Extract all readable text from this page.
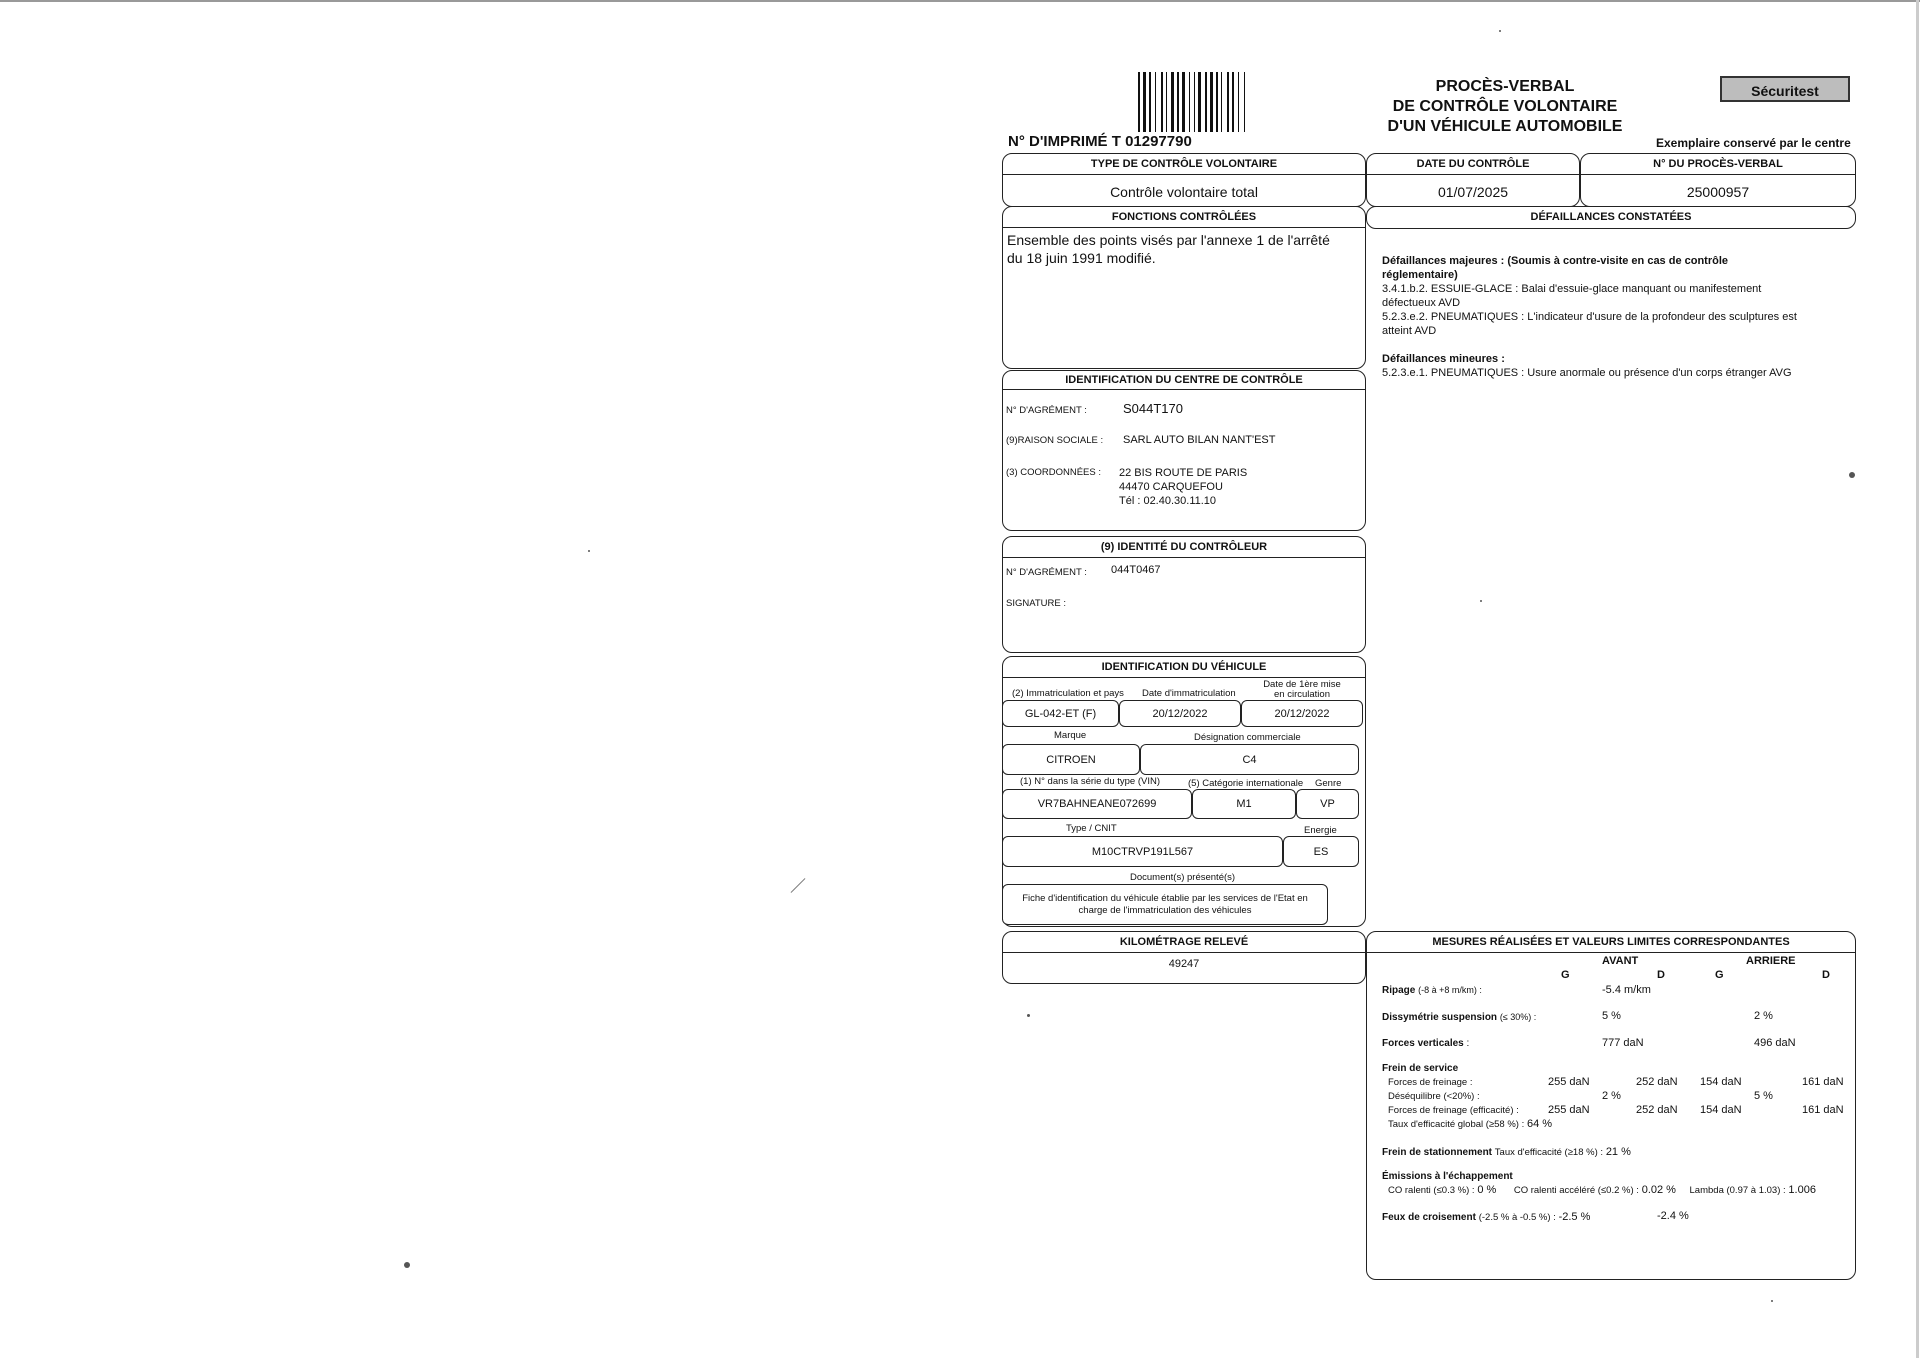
N° D'IMPRIMÉ T 01297790
PROCÈS-VERBAL
DE CONTRÔLE VOLONTAIRE
D'UN VÉHICULE AUTOMOBILE
Sécuritest
Exemplaire conservé par le centre
TYPE DE CONTRÔLE VOLONTAIRE
Contrôle volontaire total
DATE DU CONTRÔLE
01/07/2025
N° DU PROCÈS-VERBAL
25000957
FONCTIONS CONTRÔLÉES
Ensemble des points visés par l'annexe 1 de l'arrêté
du 18 juin 1991 modifié.
DÉFAILLANCES CONSTATÉES
Défaillances majeures : (Soumis à contre-visite en cas de contrôle
réglementaire)
3.4.1.b.2. ESSUIE-GLACE : Balai d'essuie-glace manquant ou manifestement
défectueux AVD
5.2.3.e.2. PNEUMATIQUES : L'indicateur d'usure de la profondeur des sculptures est
atteint AVD
Défaillances mineures :
5.2.3.e.1. PNEUMATIQUES : Usure anormale ou présence d'un corps étranger AVG
IDENTIFICATION DU CENTRE DE CONTRÔLE
N° D'AGRÉMENT :	S044T170
(9)RAISON SOCIALE : SARL AUTO BILAN NANT'EST
(3) COORDONNÉES : 22 BIS ROUTE DE PARIS
44470 CARQUEFOU
Tél : 02.40.30.11.10
(9) IDENTITÉ DU CONTRÔLEUR
N° D'AGRÉMENT : 044T0467
SIGNATURE :
IDENTIFICATION DU VÉHICULE
(2) Immatriculation et pays Date d'immatriculation
Date de 1ère mise
en circulation
GL-042-ET (F)	20/12/2022	20/12/2022
Marque	Désignation commerciale
CITROEN	C4
(1) N° dans la série du type (VIN)	(5) Catégorie internationale Genre
VR7BAHNEANE072699	M1	VP
Type / CNIT	Energie
M10CTRVP191L567	ES
Document(s) présenté(s)
Fiche d'identification du véhicule établie par les services de l'Etat en
charge de l'immatriculation des véhicules
KILOMÉTRAGE RELEVÉ
49247
MESURES RÉALISÉES ET VALEURS LIMITES CORRESPONDANTES
AVANT	ARRIERE
G	D	G	D
Ripage (-8 à +8 m/km) :	-5.4 m/km
Dissymétrie suspension (≤ 30%) :	5 %	2 %
Forces verticales :	777 daN	496 daN
Frein de service
Forces de freinage :	255 daN	252 daN 154 daN	161 daN
Déséquilibre (<20%) :	2 %	5 %
Forces de freinage (efficacité) :	255 daN	252 daN 154 daN	161 daN
Taux d'efficacité global (≥58 %) : 64 %
Frein de stationnement Taux d'efficacité (≥18 %) : 21 %
Émissions à l'échappement
CO ralenti (≤0.3 %) : 0 % CO ralenti accéléré (≤0.2 %) : 0.02 % Lambda (0.97 à 1.03) : 1.006
Feux de croisement (-2.5 % à -0.5 %) : -2.5 %	-2.4 %
